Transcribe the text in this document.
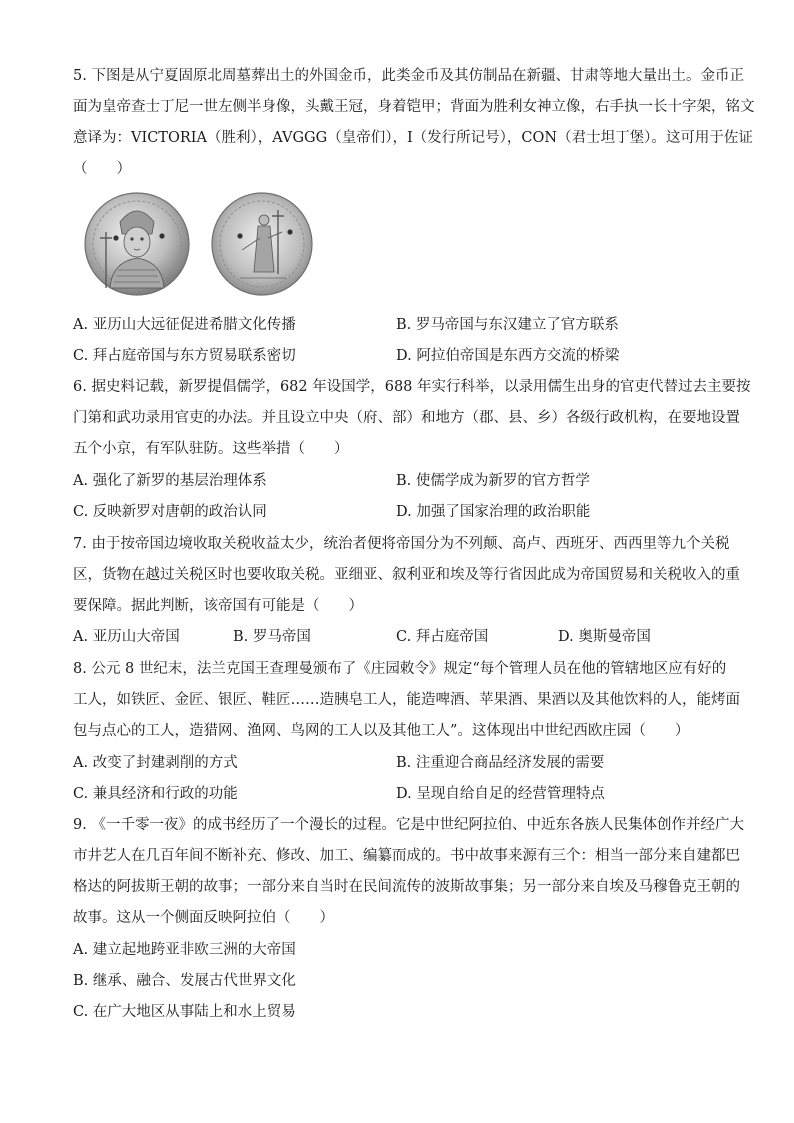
5. 下图是从宁夏固原北周墓葬出土的外国金币，此类金币及其仿制品在新疆、甘肃等地大量出土。金币正
面为皇帝查士丁尼一世左侧半身像，头戴王冠，身着铠甲；背面为胜利女神立像，右手执一长十字架，铭文
意译为：VICTORIA（胜利），AVGGG（皇帝们），I（发行所记号），CON（君士坦丁堡）。这可用于佐证
（　　）
A. 亚历山大远征促进希腊文化传播	B. 罗马帝国与东汉建立了官方联系
C. 拜占庭帝国与东方贸易联系密切	D. 阿拉伯帝国是东西方交流的桥梁
6. 据史料记载，新罗提倡儒学，682 年设国学，688 年实行科举，以录用儒生出身的官吏代替过去主要按
门第和武功录用官吏的办法。并且设立中央（府、部）和地方（郡、县、乡）各级行政机构，在要地设置
五个小京，有军队驻防。这些举措（　　）
A. 强化了新罗的基层治理体系	B. 使儒学成为新罗的官方哲学
C. 反映新罗对唐朝的政治认同	D. 加强了国家治理的政治职能
7. 由于按帝国边境收取关税收益太少，统治者便将帝国分为不列颠、高卢、西班牙、西西里等九个关税
区，货物在越过关税区时也要收取关税。亚细亚、叙利亚和埃及等行省因此成为帝国贸易和关税收入的重
要保障。据此判断，该帝国有可能是（　　）
A. 亚历山大帝国	B. 罗马帝国	C. 拜占庭帝国	D. 奥斯曼帝国
8. 公元 8 世纪末，法兰克国王查理曼颁布了《庄园敕令》规定“每个管理人员在他的管辖地区应有好的
工人，如铁匠、金匠、银匠、鞋匠……造胰皂工人，能造啤酒、苹果酒、果酒以及其他饮料的人，能烤面
包与点心的工人，造猎网、渔网、鸟网的工人以及其他工人”。这体现出中世纪西欧庄园（　　）
A. 改变了封建剥削的方式	B. 注重迎合商品经济发展的需要
C. 兼具经济和行政的功能	D. 呈现自给自足的经营管理特点
9. 《一千零一夜》的成书经历了一个漫长的过程。它是中世纪阿拉伯、中近东各族人民集体创作并经广大
市井艺人在几百年间不断补充、修改、加工、编纂而成的。书中故事来源有三个：相当一部分来自建都巴
格达的阿拔斯王朝的故事；一部分来自当时在民间流传的波斯故事集；另一部分来自埃及马穆鲁克王朝的
故事。这从一个侧面反映阿拉伯（　　）
A. 建立起地跨亚非欧三洲的大帝国
B. 继承、融合、发展古代世界文化
C. 在广大地区从事陆上和水上贸易
